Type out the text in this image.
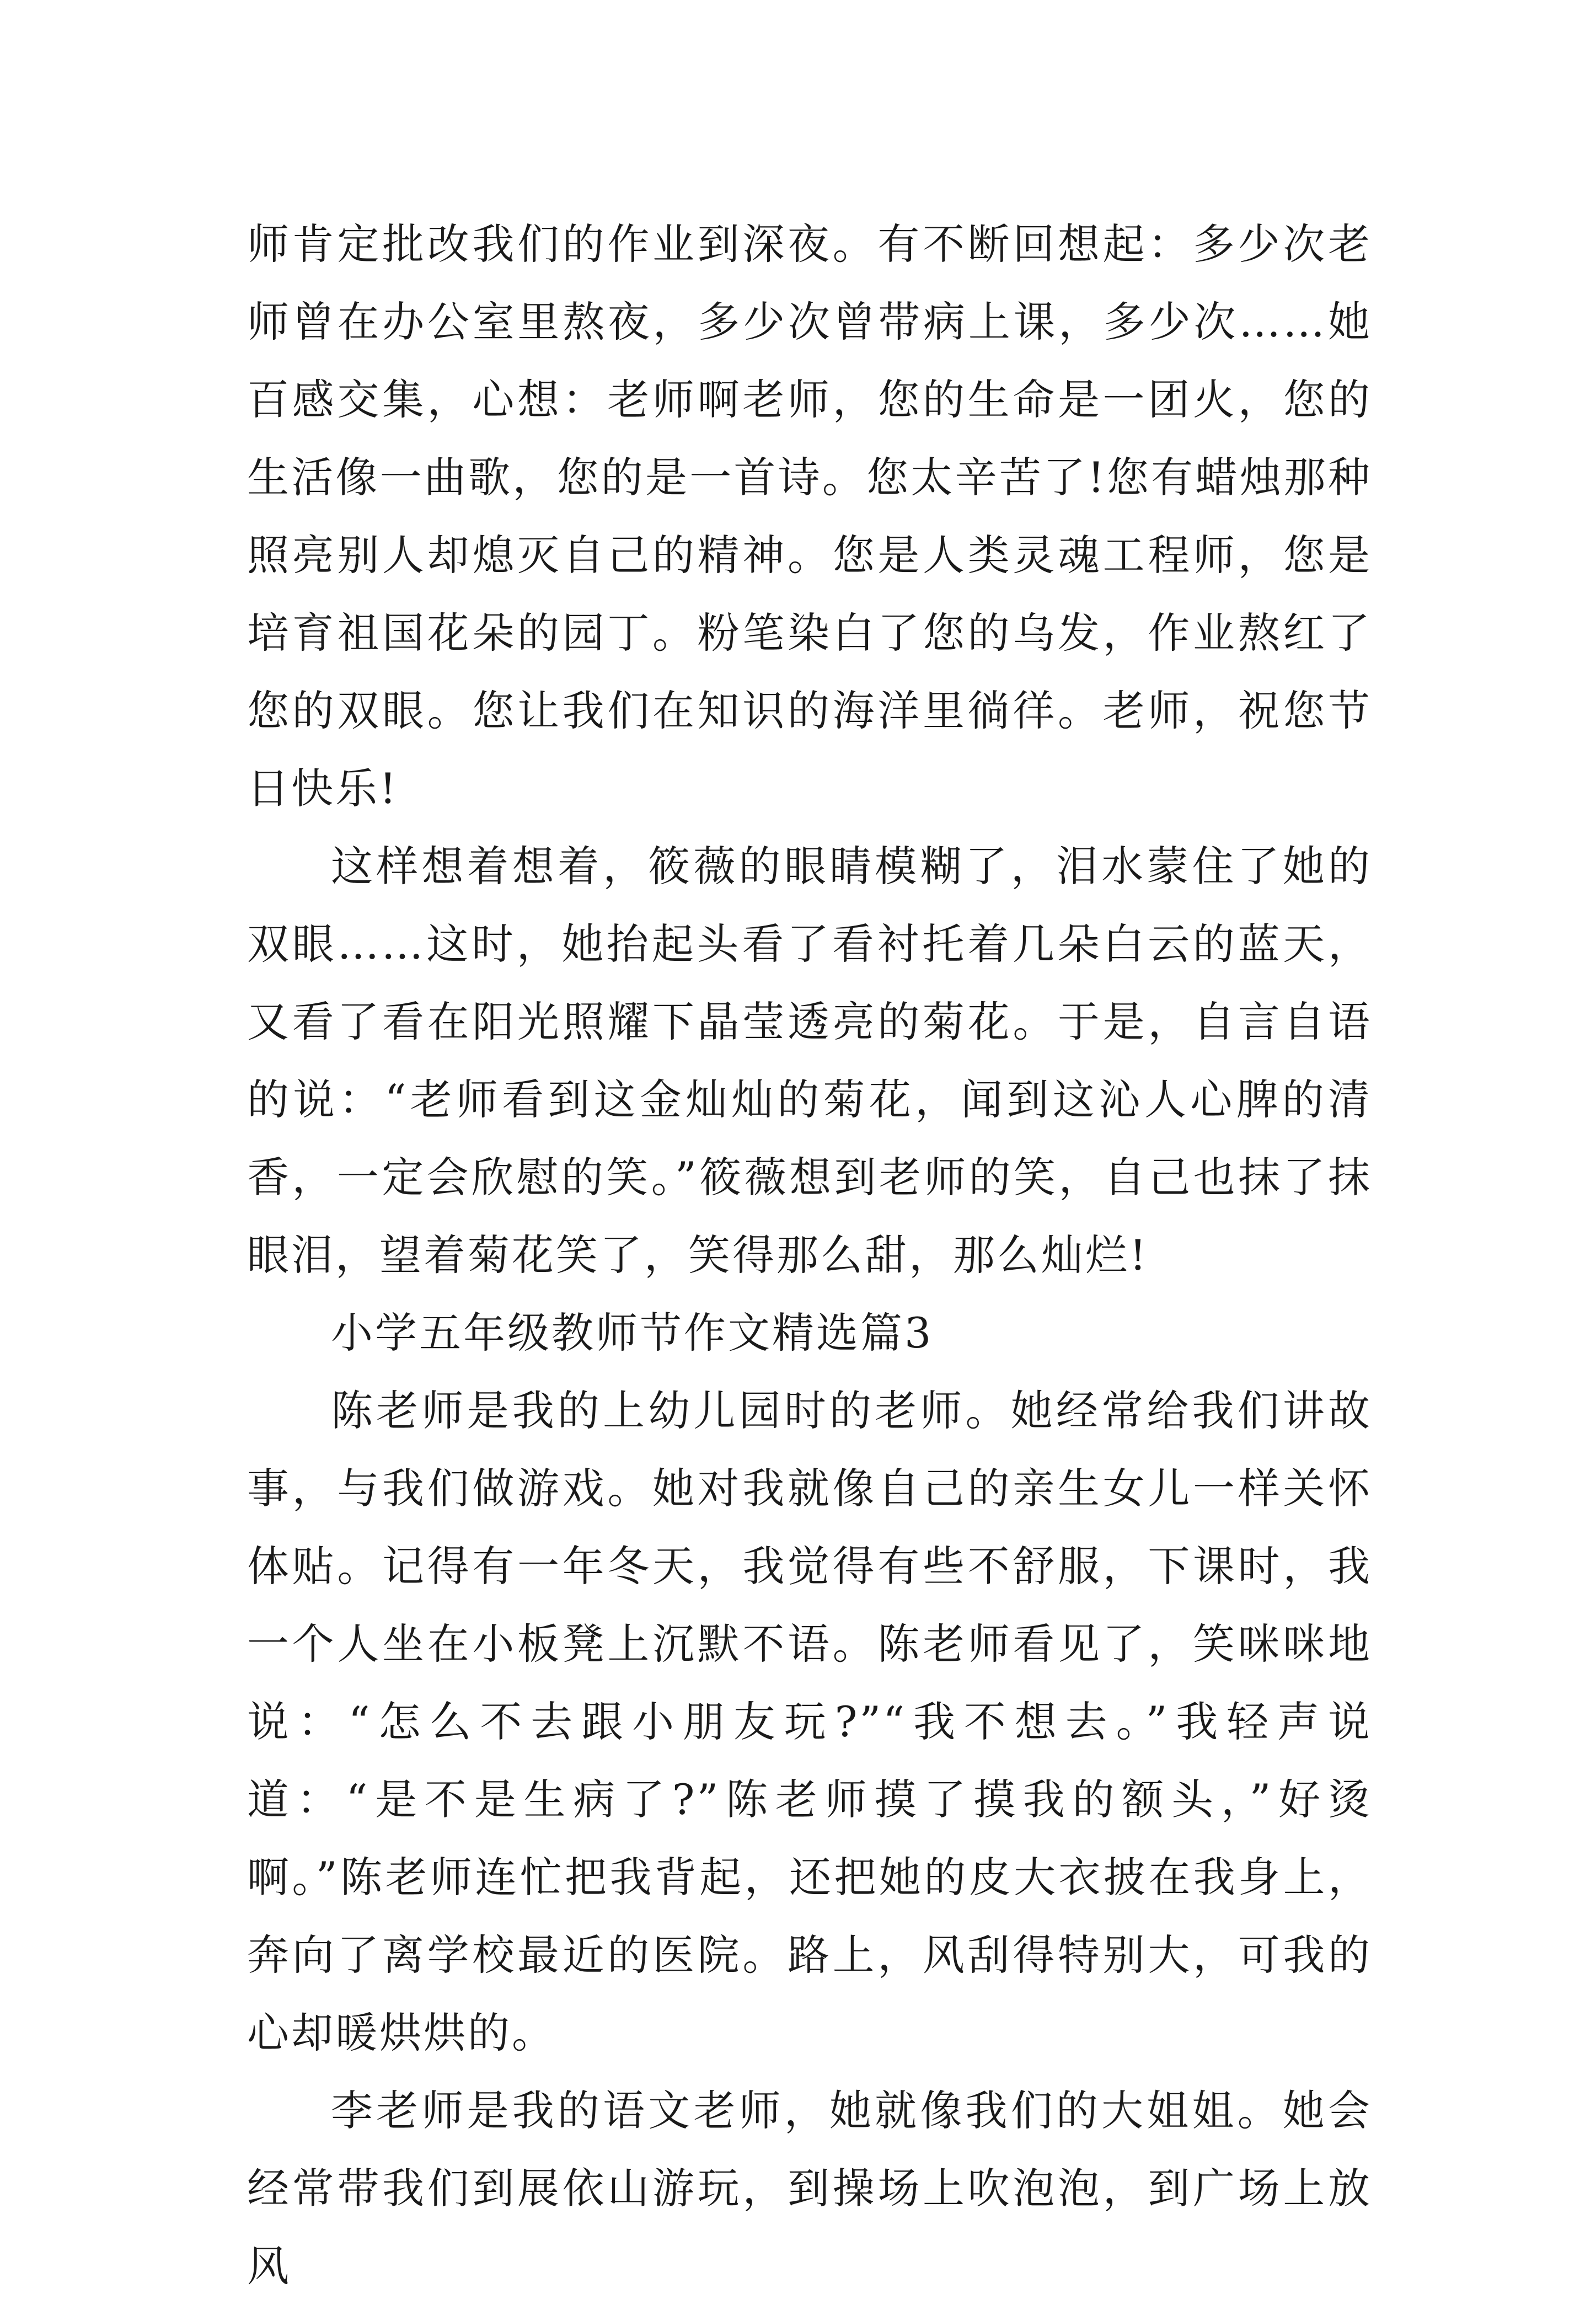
师肯定批改我们的作业到深夜。有不断回想起：多少次老师曾在办公室里熬夜，多少次曾带病上课，多少次……她百感交集，心想：老师啊老师，您的生命是一团火，您的生活像一曲歌，您的是一首诗。您太辛苦了!您有蜡烛那种照亮别人却熄灭自己的精神。您是人类灵魂工程师，您是培育祖国花朵的园丁。粉笔染白了您的乌发，作业熬红了您的双眼。您让我们在知识的海洋里徜徉。老师，祝您节日快乐!

这样想着想着，筱薇的眼睛模糊了，泪水蒙住了她的双眼……这时，她抬起头看了看衬托着几朵白云的蓝天，又看了看在阳光照耀下晶莹透亮的菊花。于是，自言自语的说：“老师看到这金灿灿的菊花，闻到这沁人心脾的清香，一定会欣慰的笑。”筱薇想到老师的笑，自己也抹了抹眼泪，望着菊花笑了，笑得那么甜，那么灿烂!

小学五年级教师节作文精选篇3

陈老师是我的上幼儿园时的老师。她经常给我们讲故事，与我们做游戏。她对我就像自己的亲生女儿一样关怀体贴。记得有一年冬天，我觉得有些不舒服，下课时，我一个人坐在小板凳上沉默不语。陈老师看见了，笑咪咪地说：“怎么不去跟小朋友玩?”“我不想去。”我轻声说道：“是不是生病了?”陈老师摸了摸我的额头，”好烫啊。”陈老师连忙把我背起，还把她的皮大衣披在我身上，奔向了离学校最近的医院。路上，风刮得特别大，可我的心却暖烘烘的。

李老师是我的语文老师，她就像我们的大姐姐。她会经常带我们到展依山游玩，到操场上吹泡泡，到广场上放风
